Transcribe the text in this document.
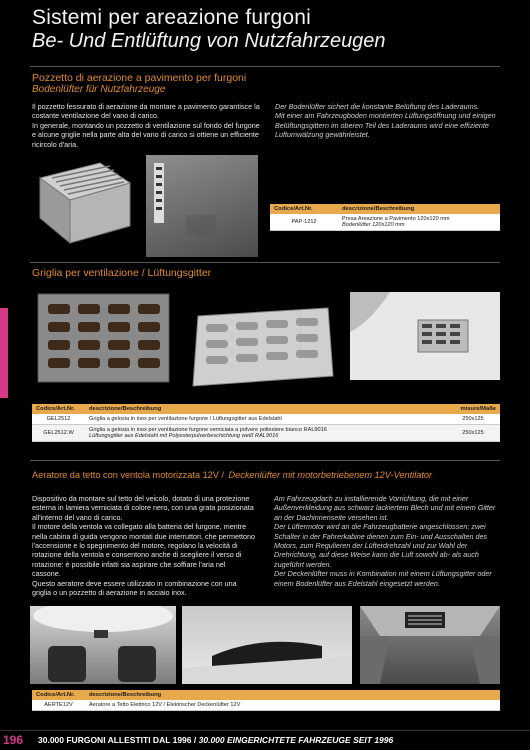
Sistemi per areazione furgoni
Be- Und Entlüftung von Nutzfahrzeugen
Pozzetto di aerazione a pavimento per furgoni
Bodenlüfter für Nutzfahrzeuge
Il pozzetto fessurato di aerazione da montare a pavimento garantisce la costante ventilazione del vano di carico.
In generale, montando un pozzetto di ventilazione sul fondo del furgone e alcune griglie nella parte alta del vano di carico si ottiene un efficiente ricircolo d'aria.
Der Bodenlüfter sichert die konstante Belüftung des Laderaums.
Mit einer am Fahrzeugboden montierten Lüftungsöffnung und einigen Belüftungsgittern im oberen Teil des Laderaums wird eine effiziente Luftumwälzung gewährleistet.
Codice/Art.Nr.	descrizione/Beschreibung
PAP-1212	Presa Areazione a Pavimento 120x120 mm
Bodenlüfter 120x120 mm
Griglia per ventilazione / Lüftungsgitter
Codice/Art.Nr.	descrizione/Beschreibung	misure/Maße
GEL2512	Griglia a gelosia in inox per ventilazione furgone / Lüftungsgitter aus Edelstahl	250x125
GEL2512.W	Griglia a gelosia in inox per ventilazione furgone verniciata a polvere poliestere bianco RAL9016
Lüftungsgitter aus Edelstahl mit Polyesterpulverbeschichtung weiß RAL9016	250x125
Aeratore da tetto con ventola motorizzata 12V / Deckenlüfter mit motorbetriebenem 12V-Ventilator
Dispositivo da montare sul tetto del veicolo, dotato di una protezione esterna in lamiera verniciata di colore nero, con una grata posizionata all'interno del vano di carico.
Il motore della ventola va collegato alla batteria del furgone, mentre nella cabina di guida vengono montati due interruttori, che permettono l'accensione e lo spegnimento del motore, regolano la velocità di rotazione della ventola e consentono anche di scegliere il verso di rotazione: è possibile infatti sia aspirare che soffiare l'aria nel cassone.
Questo aeratore deve essere utilizzato in combinazione con una griglia o un pozzetto di aerazione in acciaio inox.
Am Fahrzeugdach zu installierende Vorrichtung, die mit einer Außenverkleidung aus schwarz lackiertem Blech und mit einem Gitter an der Dachinnenseite versehen ist.
Der Lüftermotor wird an die Fahrzeugbatterie angeschlossen; zwei Schalter in der Fahrerkabine dienen zum Ein- und Ausschalten des Motors, zum Regulieren der Lüfterdrehzahl und zur Wahl der Drehrichtung, auf diese Weise kann die Luft sowohl ab- als auch zugeführt werden.
Der Deckenlüfter muss in Kombination mit einem Lüftungsgitter oder einem Bodenlüfter aus Edelstahl eingesetzt werden.
Codice/Art.Nr.	descrizione/Beschreibung
AERTE12V	Aeratore a Tetto Elettrico 12V / Elektrischer Deckenlüfter 12V
196 30.000 FURGONI ALLESTITI DAL 1996 / 30.000 EINGERICHTETE FAHRZEUGE SEIT 1996
